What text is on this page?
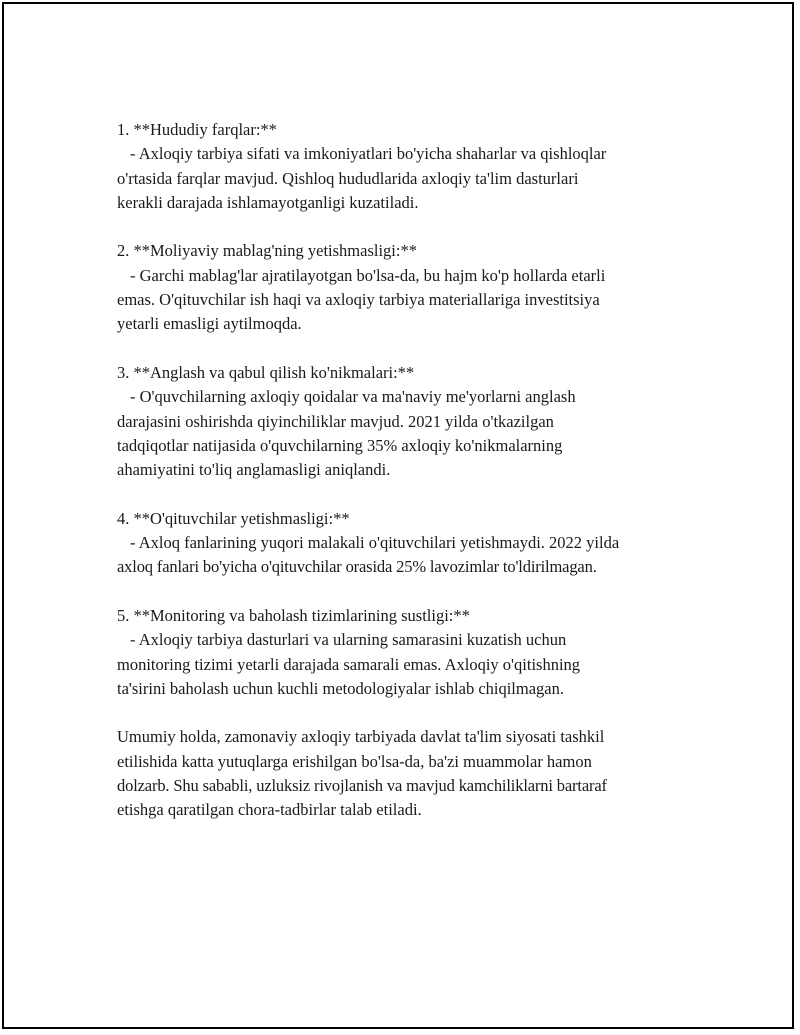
1. **Hududiy farqlar:**
- Axloqiy tarbiya sifati va imkoniyatlari bo'yicha shaharlar va qishloqlar
o'rtasida farqlar mavjud. Qishloq hududlarida axloqiy ta'lim dasturlari
kerakli darajada ishlamayotganligi kuzatiladi.
2. **Moliyaviy mablag'ning yetishmasligi:**
- Garchi mablag'lar ajratilayotgan bo'lsa-da, bu hajm ko'p hollarda etarli
emas. O'qituvchilar ish haqi va axloqiy tarbiya materiallariga investitsiya
yetarli emasligi aytilmoqda.
3. **Anglash va qabul qilish ko'nikmalari:**
- O'quvchilarning axloqiy qoidalar va ma'naviy me'yorlarni anglash
darajasini oshirishda qiyinchiliklar mavjud. 2021 yilda o'tkazilgan
tadqiqotlar natijasida o'quvchilarning 35% axloqiy ko'nikmalarning
ahamiyatini to'liq anglamasligi aniqlandi.
4. **O'qituvchilar yetishmasligi:**
- Axloq fanlarining yuqori malakali o'qituvchilari yetishmaydi. 2022 yilda
axloq fanlari bo'yicha o'qituvchilar orasida 25% lavozimlar to'ldirilmagan.
5. **Monitoring va baholash tizimlarining sustligi:**
- Axloqiy tarbiya dasturlari va ularning samarasini kuzatish uchun
monitoring tizimi yetarli darajada samarali emas. Axloqiy o'qitishning
ta'sirini baholash uchun kuchli metodologiyalar ishlab chiqilmagan.
Umumiy holda, zamonaviy axloqiy tarbiyada davlat ta'lim siyosati tashkil
etilishida katta yutuqlarga erishilgan bo'lsa-da, ba'zi muammolar hamon
dolzarb. Shu sababli, uzluksiz rivojlanish va mavjud kamchiliklarni bartaraf
etishga qaratilgan chora-tadbirlar talab etiladi.
